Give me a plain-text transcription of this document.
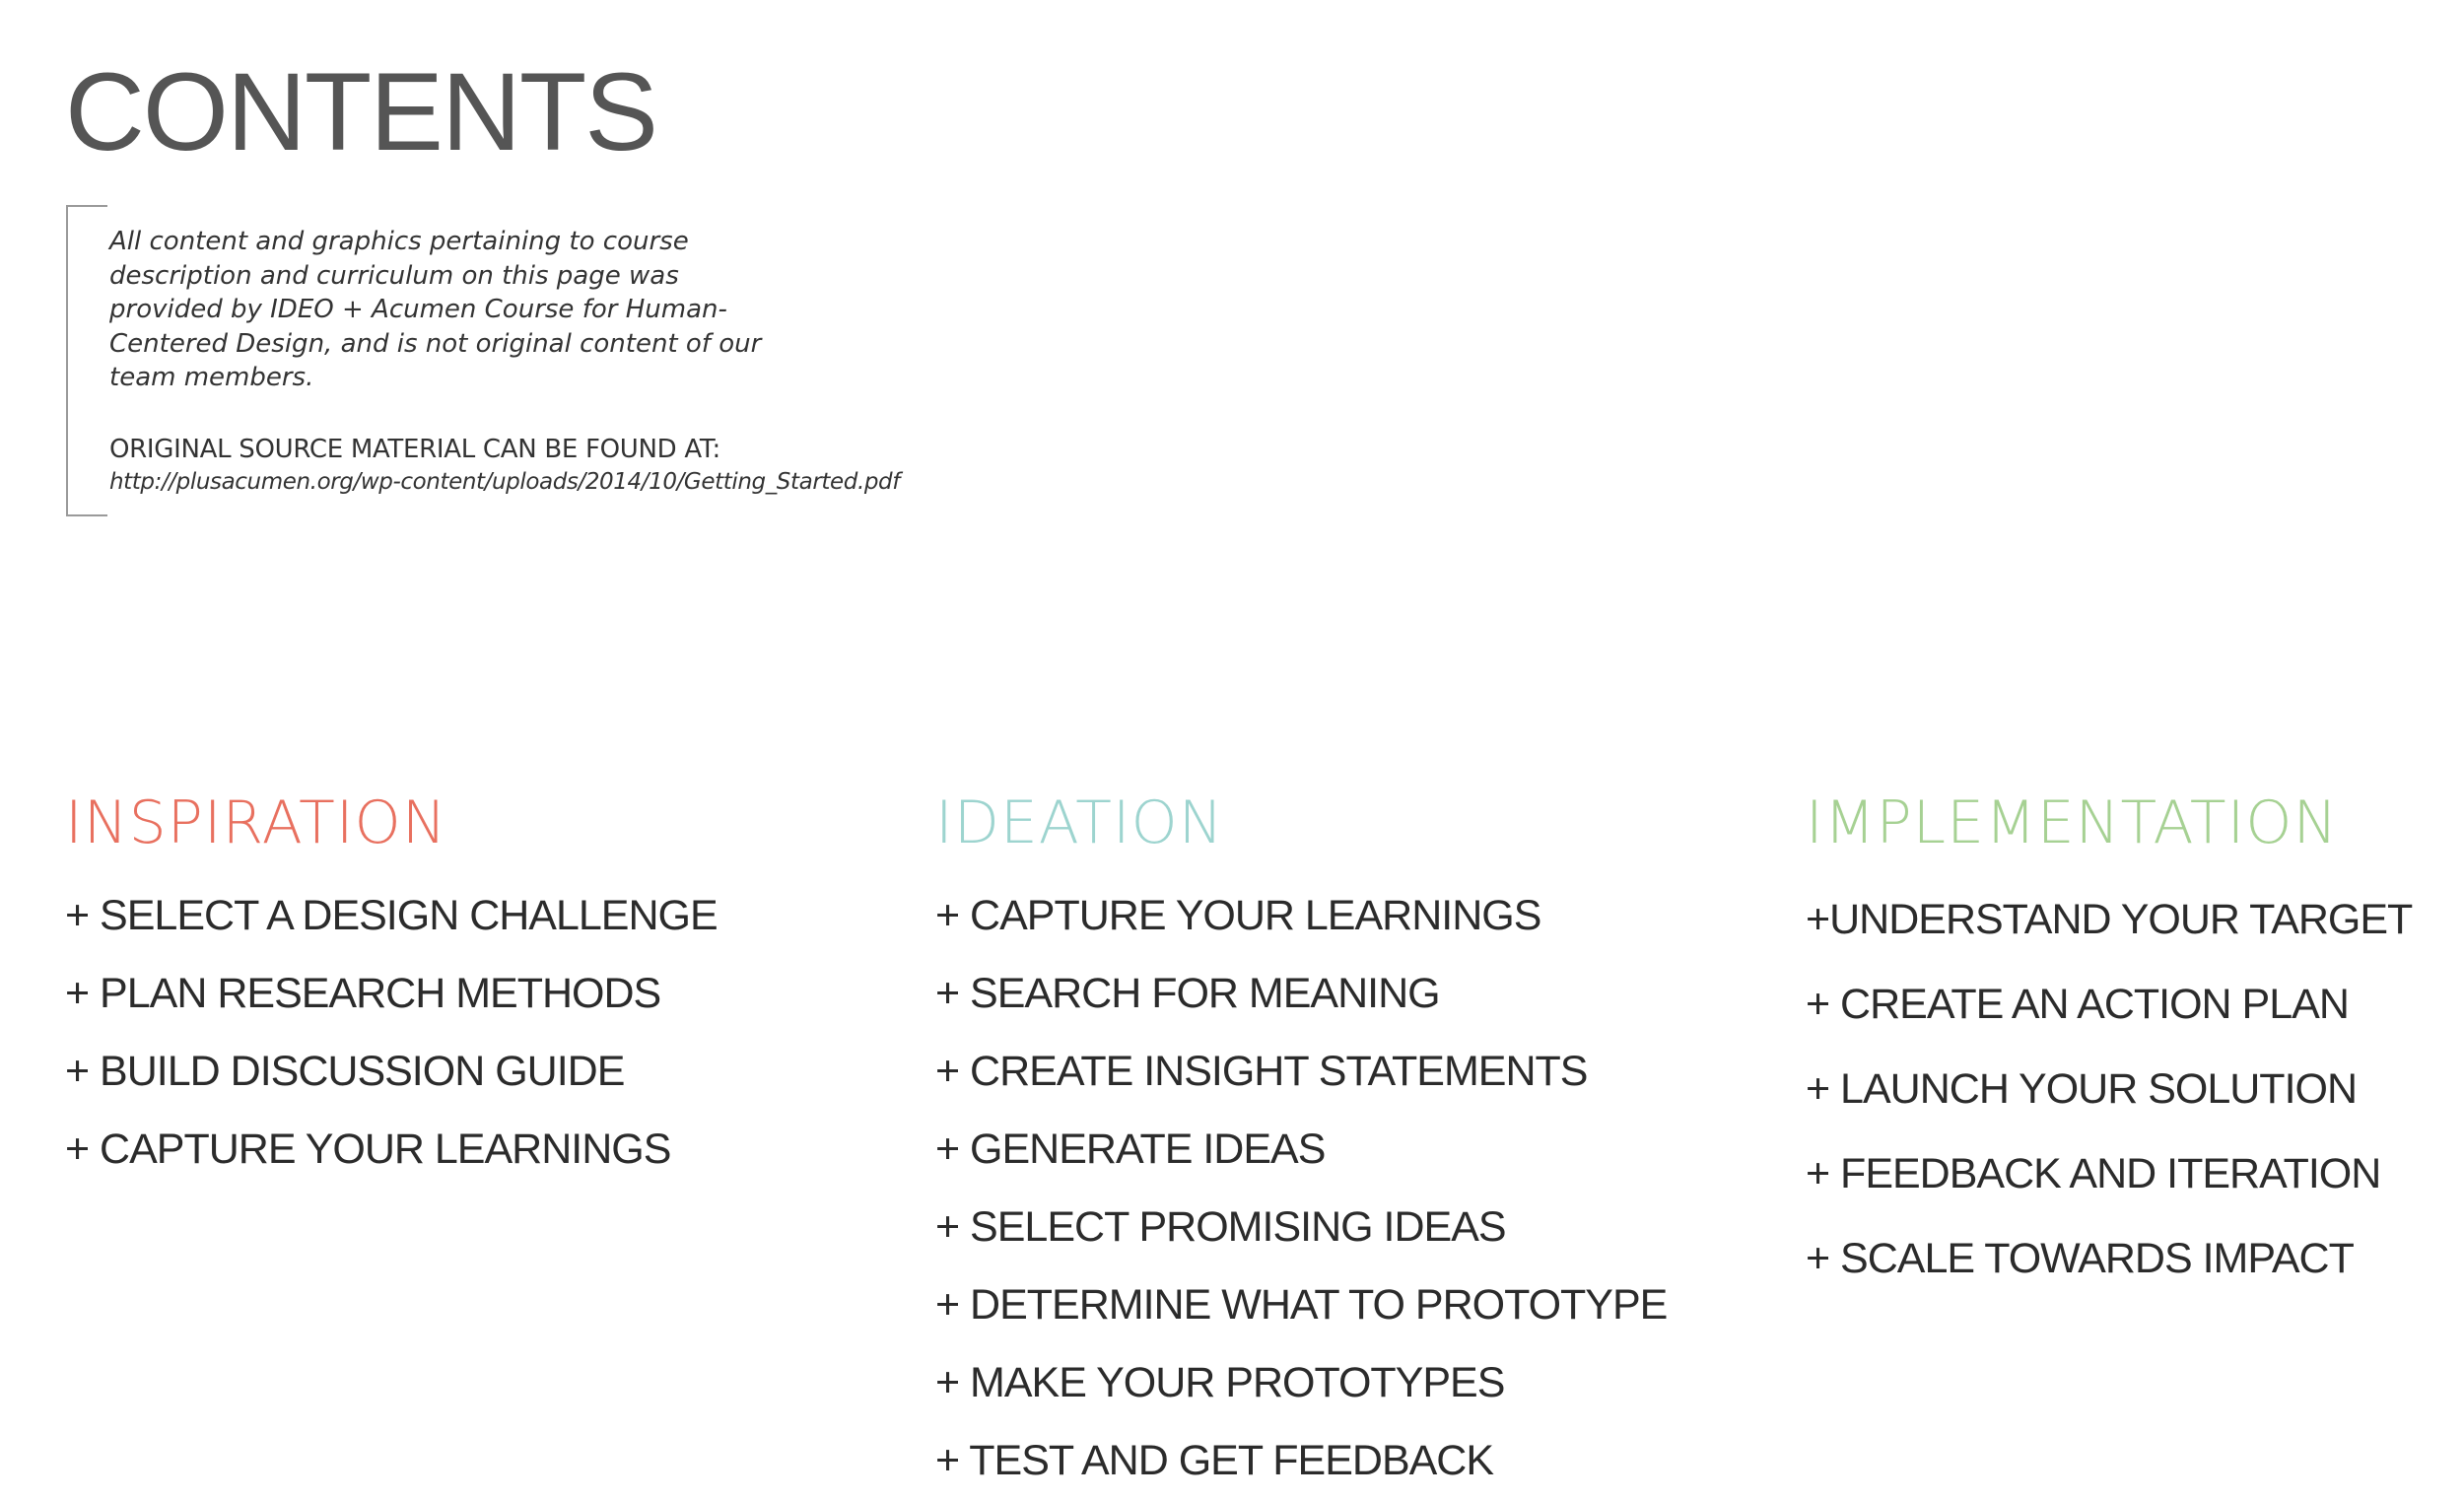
CONTENTS

All content and graphics pertaining to course description and curriculum on this page was provided by IDEO + Acumen Course for Human-Centered Design, and is not original content of our team members.

ORIGINAL SOURCE MATERIAL CAN BE FOUND AT:

http://plusacumen.org/wp-content/uploads/2014/10/Getting_Started.pdf

INSPIRATION
+ SELECT A DESIGN CHALLENGE
+ PLAN RESEARCH METHODS
+ BUILD DISCUSSION GUIDE
+ CAPTURE YOUR LEARNINGS
IDEATION
+ CAPTURE YOUR LEARNINGS
+ SEARCH FOR MEANING
+ CREATE INSIGHT STATEMENTS
+ GENERATE IDEAS
+ SELECT PROMISING IDEAS
+ DETERMINE WHAT TO PROTOTYPE
+ MAKE YOUR PROTOTYPES
+ TEST AND GET FEEDBACK
IMPLEMENTATION
+UNDERSTAND YOUR TARGET
+ CREATE AN ACTION PLAN
+ LAUNCH YOUR SOLUTION
+ FEEDBACK AND ITERATION
+ SCALE TOWARDS IMPACT
